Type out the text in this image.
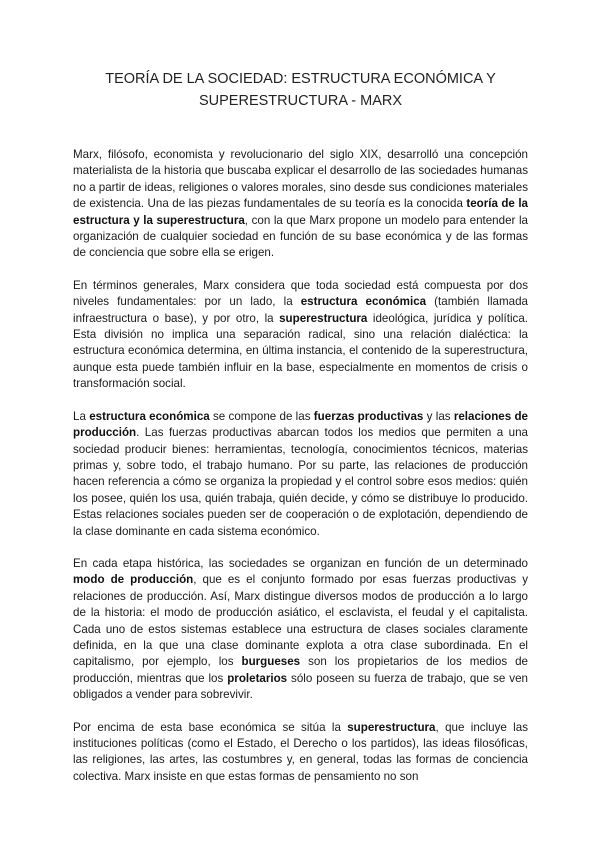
TEORÍA DE LA SOCIEDAD: ESTRUCTURA ECONÓMICA Y
SUPERESTRUCTURA - MARX

Marx, filósofo, economista y revolucionario del siglo XIX, desarrolló una concepción materialista de la historia que buscaba explicar el desarrollo de las sociedades humanas no a partir de ideas, religiones o valores morales, sino desde sus condiciones materiales de existencia. Una de las piezas fundamentales de su teoría es la conocida teoría de la estructura y la superestructura, con la que Marx propone un modelo para entender la organización de cualquier sociedad en función de su base económica y de las formas de conciencia que sobre ella se erigen.

En términos generales, Marx considera que toda sociedad está compuesta por dos niveles fundamentales: por un lado, la estructura económica (también llamada infraestructura o base), y por otro, la superestructura ideológica, jurídica y política. Esta división no implica una separación radical, sino una relación dialéctica: la estructura económica determina, en última instancia, el contenido de la superestructura, aunque esta puede también influir en la base, especialmente en momentos de crisis o transformación social.

La estructura económica se compone de las fuerzas productivas y las relaciones de producción. Las fuerzas productivas abarcan todos los medios que permiten a una sociedad producir bienes: herramientas, tecnología, conocimientos técnicos, materias primas y, sobre todo, el trabajo humano. Por su parte, las relaciones de producción hacen referencia a cómo se organiza la propiedad y el control sobre esos medios: quién los posee, quién los usa, quién trabaja, quién decide, y cómo se distribuye lo producido. Estas relaciones sociales pueden ser de cooperación o de explotación, dependiendo de la clase dominante en cada sistema económico.

En cada etapa histórica, las sociedades se organizan en función de un determinado modo de producción, que es el conjunto formado por esas fuerzas productivas y relaciones de producción. Así, Marx distingue diversos modos de producción a lo largo de la historia: el modo de producción asiático, el esclavista, el feudal y el capitalista. Cada uno de estos sistemas establece una estructura de clases sociales claramente definida, en la que una clase dominante explota a otra clase subordinada. En el capitalismo, por ejemplo, los burgueses son los propietarios de los medios de producción, mientras que los proletarios sólo poseen su fuerza de trabajo, que se ven obligados a vender para sobrevivir.

Por encima de esta base económica se sitúa la superestructura, que incluye las instituciones políticas (como el Estado, el Derecho o los partidos), las ideas filosóficas, las religiones, las artes, las costumbres y, en general, todas las formas de conciencia colectiva. Marx insiste en que estas formas de pensamiento no son
